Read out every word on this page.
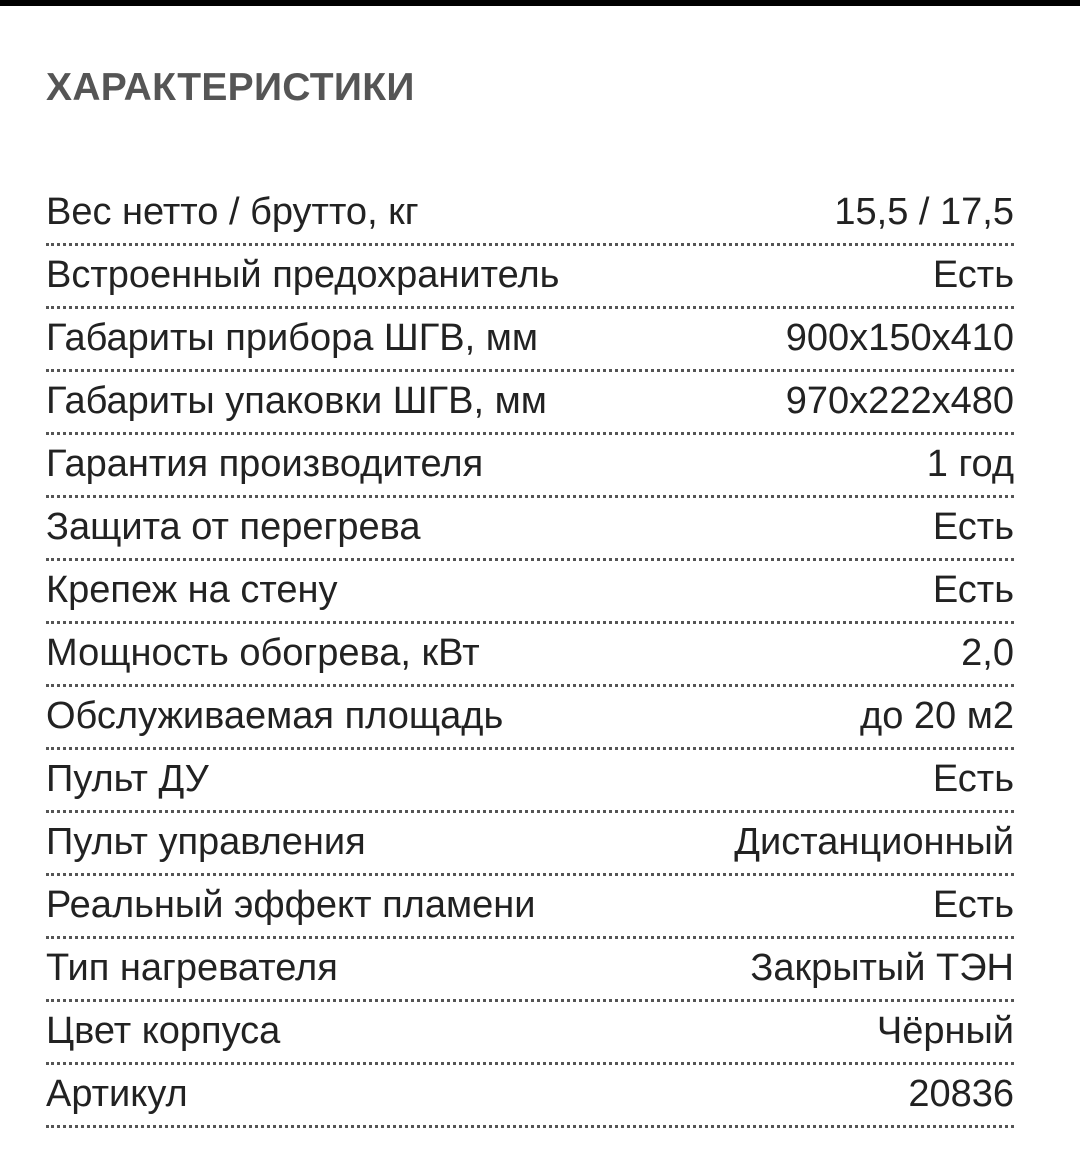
ХАРАКТЕРИСТИКИ
Вес нетто / брутто, кг	15,5 / 17,5
Встроенный предохранитель	Есть
Габариты прибора ШГВ, мм	900x150x410
Габариты упаковки ШГВ, мм	970x222x480
Гарантия производителя	1 год
Защита от перегрева	Есть
Крепеж на стену	Есть
Мощность обогрева, кВт	2,0
Обслуживаемая площадь	до 20 м2
Пульт ДУ	Есть
Пульт управления	Дистанционный
Реальный эффект пламени	Есть
Тип нагревателя	Закрытый ТЭН
Цвет корпуса	Чёрный
Артикул	20836
